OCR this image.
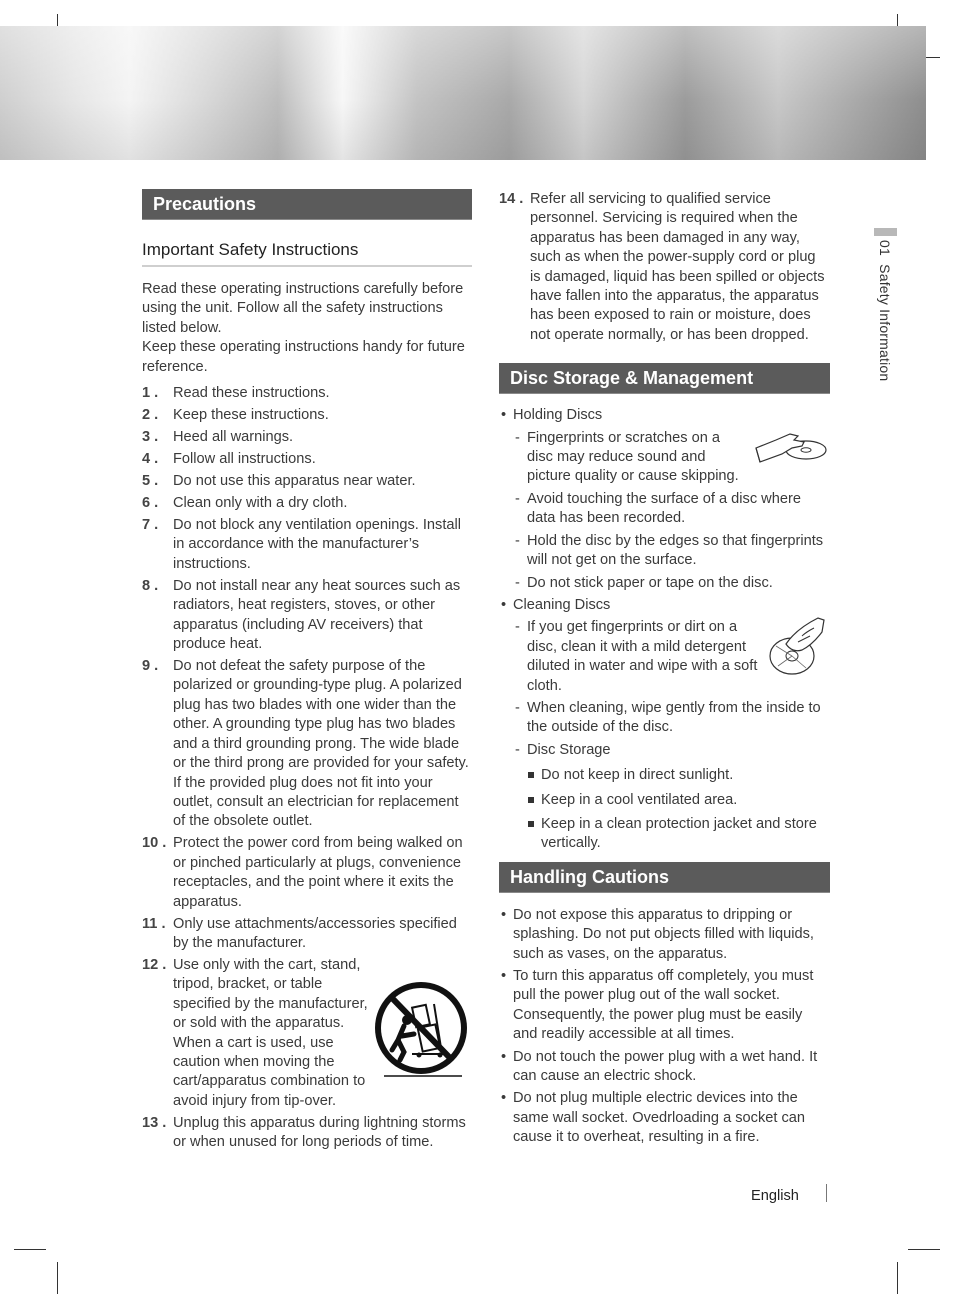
Precautions
Important Safety Instructions
Read these operating instructions carefully before using the unit. Follow all the safety instructions listed below.
Keep these operating instructions handy for future reference.
1 . Read these instructions.
2 . Keep these instructions.
3 . Heed all warnings.
4 . Follow all instructions.
5 . Do not use this apparatus near water.
6 . Clean only with a dry cloth.
7 . Do not block any ventilation openings. Install in accordance with the manufacturer’s instructions.
8 . Do not install near any heat sources such as radiators, heat registers, stoves, or other apparatus (including AV receivers) that produce heat.
9 . Do not defeat the safety purpose of the polarized or grounding-type plug. A polarized plug has two blades with one wider than the other. A grounding type plug has two blades and a third grounding prong. The wide blade or the third prong are provided for your safety. If the provided plug does not fit into your outlet, consult an electrician for replacement of the obsolete outlet.
10 . Protect the power cord from being walked on or pinched particularly at plugs, convenience receptacles, and the point where it exits the apparatus.
11 . Only use attachments/accessories specified by the manufacturer.
12 . Use only with the cart, stand, tripod, bracket, or table specified by the manufacturer, or sold with the apparatus. When a cart is used, use caution when moving the cart/apparatus combination to avoid injury from tip-over.
13 . Unplug this apparatus during lightning storms or when unused for long periods of time.
14 . Refer all servicing to qualified service personnel. Servicing is required when the apparatus has been damaged in any way, such as when the power-supply cord or plug is damaged, liquid has been spilled or objects have fallen into the apparatus, the apparatus has been exposed to rain or moisture, does not operate normally, or has been dropped.
Disc Storage & Management
• Holding Discs
- Fingerprints or scratches on a disc may reduce sound and picture quality or cause skipping.
- Avoid touching the surface of a disc where data has been recorded.
- Hold the disc by the edges so that fingerprints will not get on the surface.
- Do not stick paper or tape on the disc.
• Cleaning Discs
- If you get fingerprints or dirt on a disc, clean it with a mild detergent diluted in water and wipe with a soft cloth.
- When cleaning, wipe gently from the inside to the outside of the disc.
- Disc Storage
Do not keep in direct sunlight.
Keep in a cool ventilated area.
Keep in a clean protection jacket and store vertically.
Handling Cautions
• Do not expose this apparatus to dripping or splashing. Do not put objects filled with liquids, such as vases, on the apparatus.
• To turn this apparatus off completely, you must pull the power plug out of the wall socket. Consequently, the power plug must be easily and readily accessible at all times.
• Do not touch the power plug with a wet hand. It can cause an electric shock.
• Do not plug multiple electric devices into the same wall socket. Ovedrloading a socket can cause it to overheat, resulting in a fire.
01  Safety Information
English
